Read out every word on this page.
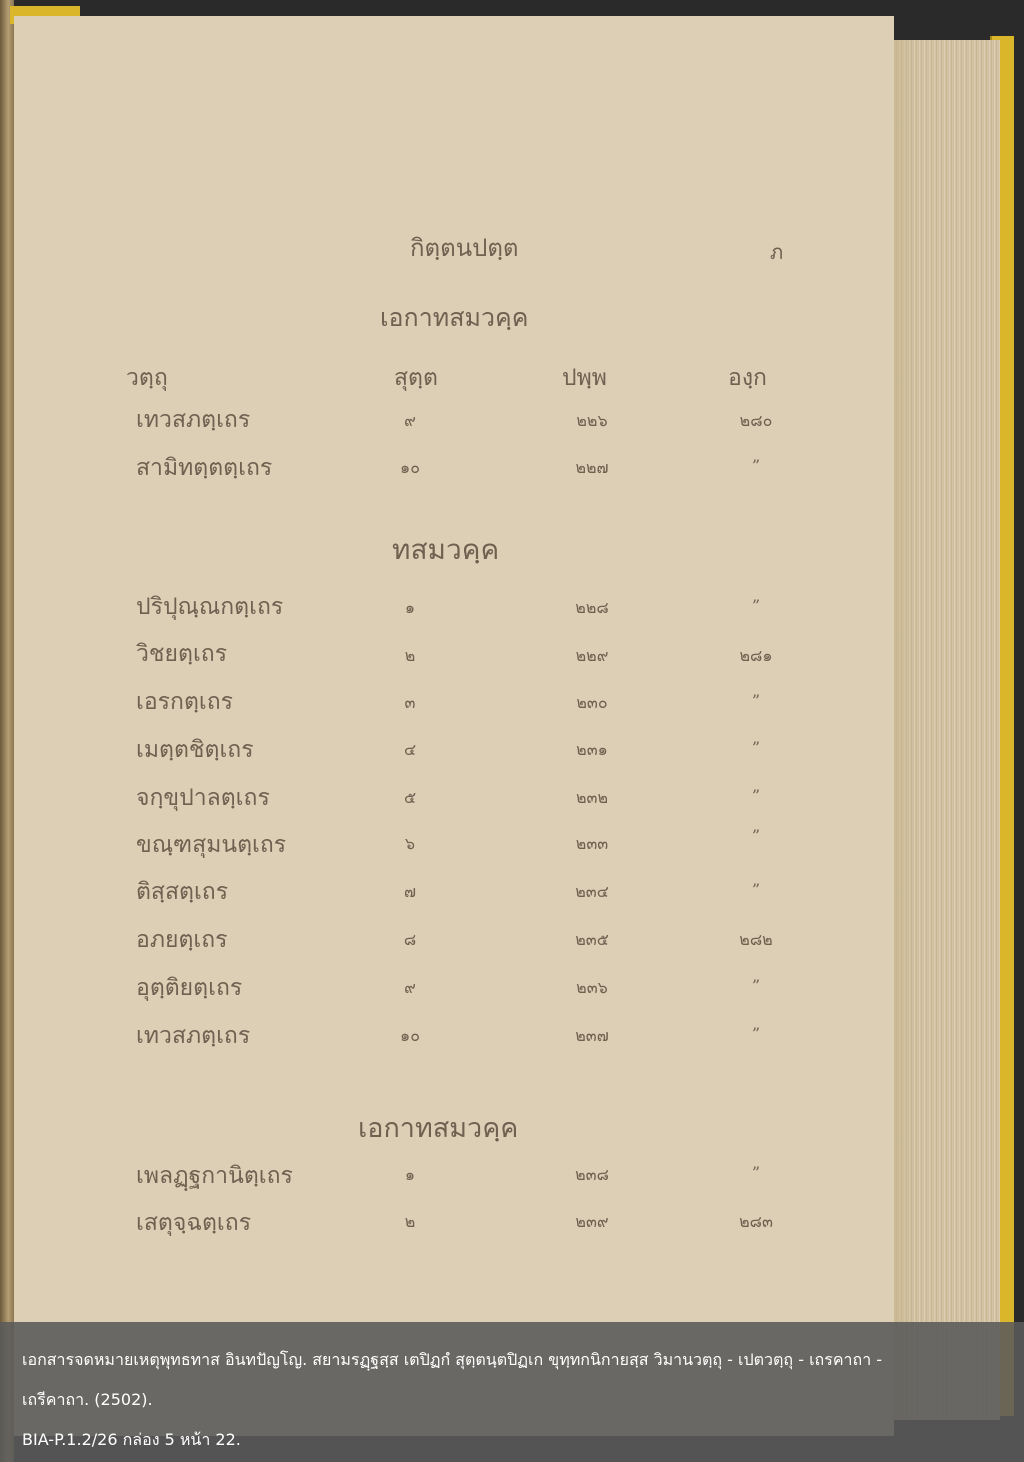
กิตฺตนปตฺต	ภ
เอกาทสมวคฺค
วตฺถุ	สุตฺต	ปพฺพ	องฺก
เทวสภตฺเถร	๙	๒๒๖	๒๘๐
สามิทตฺตตฺเถร	๑๐	๒๒๗	”
ทสมวคฺค
ปริปุณฺณกตฺเถร	๑	๒๒๘	”
วิชยตฺเถร	๒	๒๒๙	๒๘๑
เอรกตฺเถร	๓	๒๓๐	”
เมตฺตชิตฺเถร	๔	๒๓๑	”
จกฺขุปาลตฺเถร	๕	๒๓๒	”
ขณฺฑสุมนตฺเถร	๖	๒๓๓	”
ติสฺสตฺเถร	๗	๒๓๔	”
อภยตฺเถร	๘	๒๓๕	๒๘๒
อุตฺติยตฺเถร	๙	๒๓๖	”
เทวสภตฺเถร	๑๐	๒๓๗	”
เอกาทสมวคฺค
เพลฏฺฐกานิตฺเถร	๑	๒๓๘	”
เสตุจฺฉตฺเถร	๒	๒๓๙	๒๘๓
เอกสารจดหมายเหตุพุทธทาส อินทปัญโญ. สยามรฏฺฐสฺส เตปิฏกํ สุตฺตนฺตปิฏเก ขุทฺทกนิกายสฺส วิมานวตฺถุ - เปตวตฺถุ - เถรคาถา -
เถรีคาถา. (2502).
BIA-P.1.2/26 กล่อง 5 หน้า 22.
